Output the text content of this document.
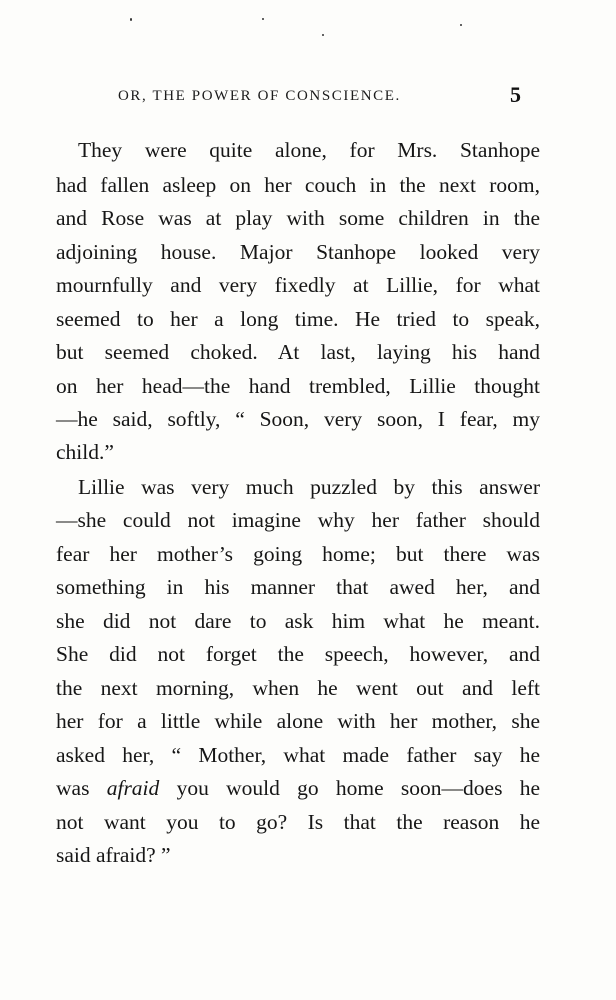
OR, THE POWER OF CONSCIENCE.	5
They were quite alone, for Mrs. Stanhope
had fallen asleep on her couch in the next room,
and Rose was at play with some children in the
adjoining house. Major Stanhope looked very
mournfully and very fixedly at Lillie, for what
seemed to her a long time. He tried to speak,
but seemed choked. At last, laying his hand
on her head—the hand trembled, Lillie thought
—he said, softly, “ Soon, very soon, I fear, my
child.”
Lillie was very much puzzled by this answer
—she could not imagine why her father should
fear her mother’s going home; but there was
something in his manner that awed her, and
she did not dare to ask him what he meant.
She did not forget the speech, however, and
the next morning, when he went out and left
her for a little while alone with her mother, she
asked her, “ Mother, what made father say he
was afraid you would go home soon—does he
not want you to go? Is that the reason he
said afraid? ”
